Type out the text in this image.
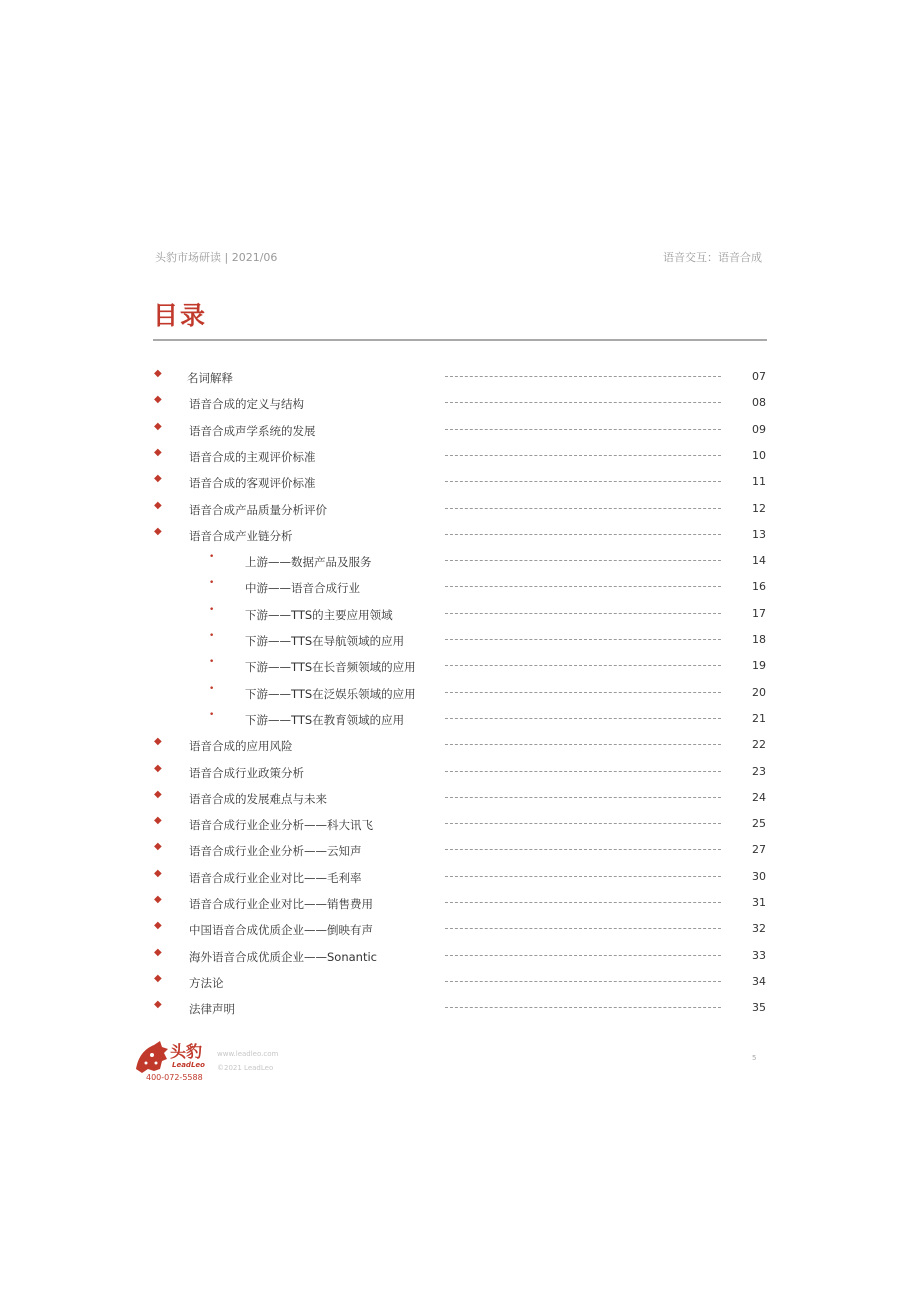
头豹市场研读 | 2021/06	语音交互：语音合成
目录
◆ 名词解释	07
◆ 语音合成的定义与结构	08
◆ 语音合成声学系统的发展	09
◆ 语音合成的主观评价标准	10
◆ 语音合成的客观评价标准	11
◆ 语音合成产品质量分析评价	12
◆ 语音合成产业链分析	13
•	上游——数据产品及服务	14
•	中游——语音合成行业	16
•	下游——TTS的主要应用领域	17
•	下游——TTS在导航领域的应用	18
•	下游——TTS在长音频领域的应用	19
•	下游——TTS在泛娱乐领域的应用	20
•	下游——TTS在教育领域的应用	21
◆ 语音合成的应用风险	22
◆ 语音合成行业政策分析	23
◆ 语音合成的发展难点与未来	24
◆ 语音合成行业企业分析——科大讯飞	25
◆ 语音合成行业企业分析——云知声	27
◆ 语音合成行业企业对比——毛利率	30
◆ 语音合成行业企业对比——销售费用	31
◆ 中国语音合成优质企业——倒映有声	32
◆ 海外语音合成优质企业——Sonantic	33
◆ 方法论	34
◆ 法律声明	35
头豹
LeadLeo
400-072-5588
www.leadleo.com
©2021 LeadLeo
5
